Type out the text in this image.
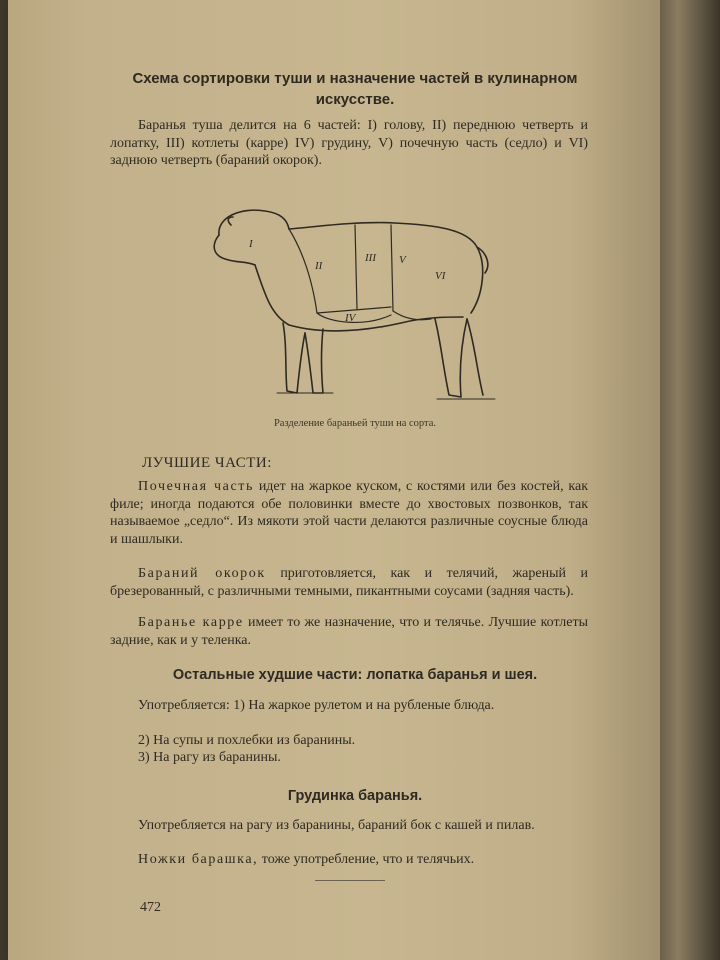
Схема сортировки туши и назначение частей в кулинарном искусстве.
Баранья туша делится на 6 частей: I) голову, II) переднюю четверть и лопатку, III) котлеты (карре) IV) грудину, V) почечную часть (седло) и VI) заднюю четверть (бараний окорок).
I
II
III
IV
V
VI
Разделение бараньей туши на сорта.
ЛУЧШИЕ ЧАСТИ:
Почечная часть идет на жаркое куском, с костями или без костей, как филе; иногда подаются обе половинки вместе до хвостовых позвонков, так называемое „седло“. Из мякоти этой части делаются различные соусные блюда и шашлыки.
Бараний окорок приготовляется, как и телячий, жареный и брезерованный, с различными темными, пикантными соусами (задняя часть).
Баранье карре имеет то же назначение, что и телячье. Лучшие котлеты задние, как и у теленка.
Остальные худшие части: лопатка баранья и шея.
Употребляется: 1) На жаркое рулетом и на рубленые блюда.
2) На супы и похлебки из баранины.
3) На рагу из баранины.
Грудинка баранья.
Употребляется на рагу из баранины, бараний бок с кашей и пилав.
Ножки барашка, тоже употребление, что и телячьих.
472
